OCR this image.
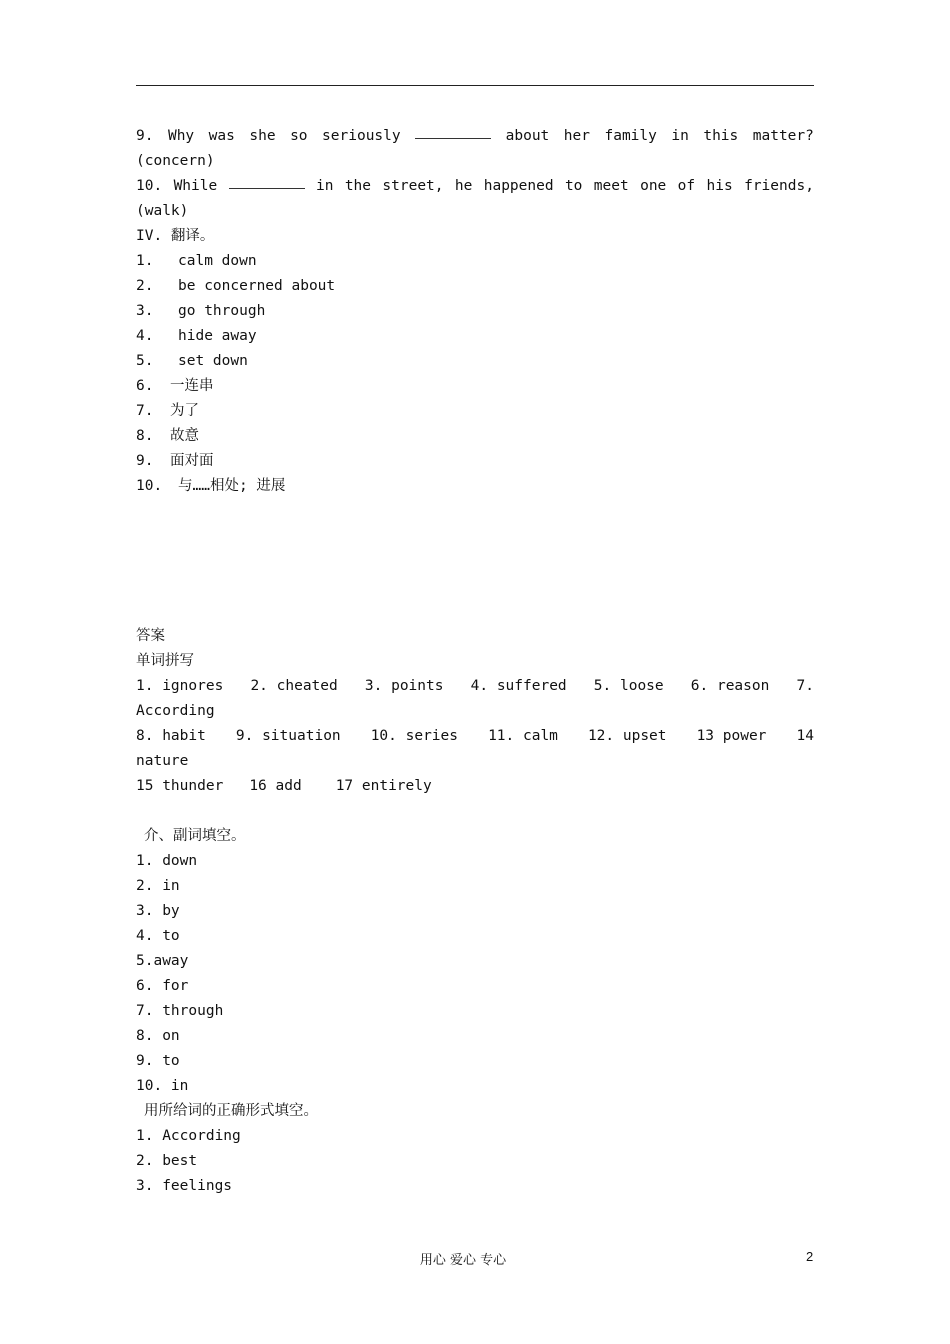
9. Why was she so seriously	about her family in this matter?
(concern)
10. While	in the street, he happened to meet one of his friends,
(walk)
IV. 翻译。
1. calm down
2. be concerned about
3. go through
4. hide away
5. set down
6. 一连串
7. 为了
8. 故意
9. 面对面
10. 与……相处; 进展
答案
单词拼写
1. ignores 2. cheated 3. points 4. suffered 5. loose 6. reason 7.
According
8. habit 9. situation 10. series 11. calm 12. upset 13 power 14
nature
15 thunder 16 add 17 entirely
介、副词填空。
1. down
2. in
3. by
4. to
5.away
6. for
7. through
8. on
9. to
10. in
用所给词的正确形式填空。
1. According
2. best
3. feelings
用心 爱心 专心	2
